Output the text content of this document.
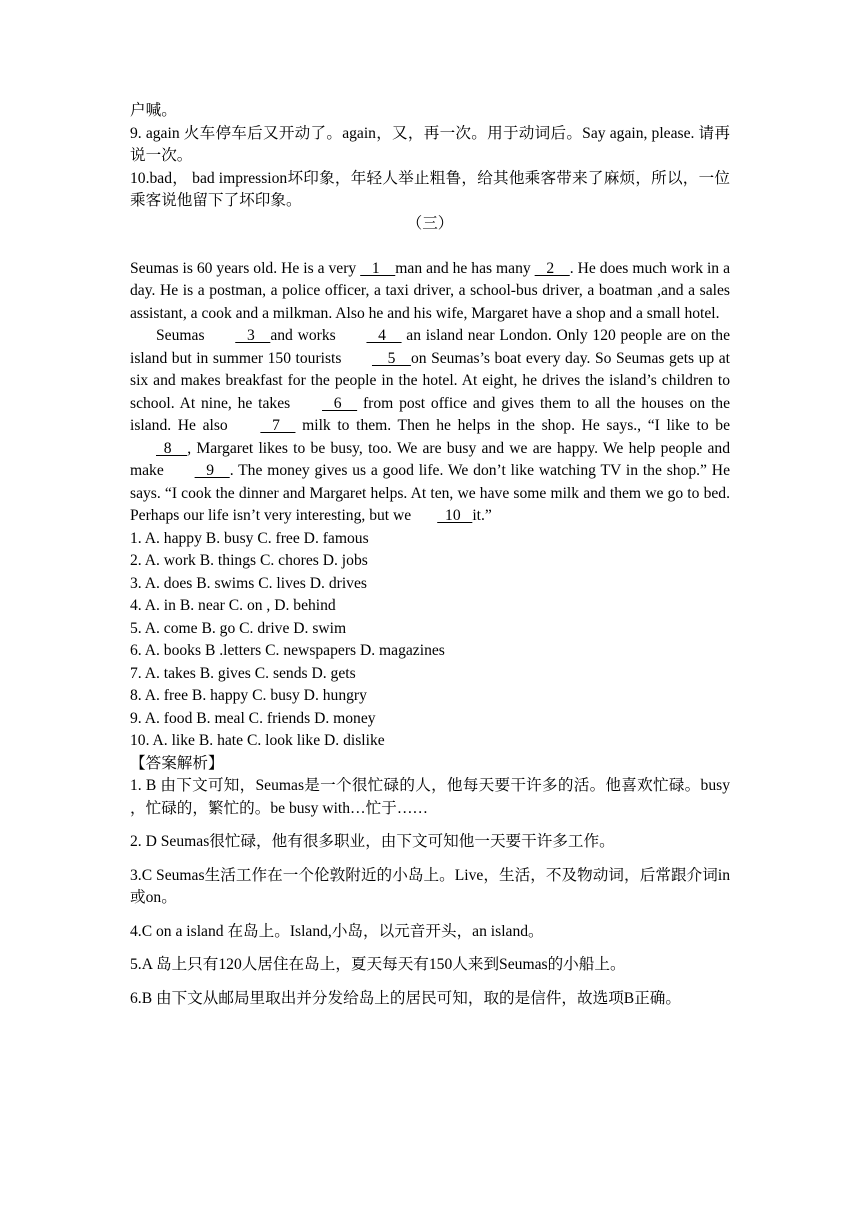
户喊。

9. again 火车停车后又开动了。again，又，再一次。用于动词后。Say again, please. 请再说一次。

10.bad， bad impression坏印象，年轻人举止粗鲁，给其他乘客带来了麻烦，所以，一位乘客说他留下了坏印象。

（三）

Seumas is 60 years old. He is a very    1    man and he has many    2    . He does much work in a day. He is a postman, a police officer, a taxi driver, a school-bus driver, a boatman ,and a sales assistant, a cook and a milkman. Also he and his wife, Margaret have a shop and a small hotel.

Seumas    3    and works    4     an island near London. Only 120 people are on the island but in summer 150 tourists     5    on Seumas’s boat every day. So Seumas gets up at six and makes breakfast for the people in the hotel. At eight, he drives the island’s children to school. At nine, he takes    6     from post office and gives them to all the houses on the island. He also    7     milk to them. Then he helps in the shop. He says., “I like to be   8    , Margaret likes to be busy, too. We are busy and we are happy. We help people and make    9    . The money gives us a good life. We don’t like watching TV in the shop.” He says. “I cook the dinner and Margaret helps. At ten, we have some milk and them we go to bed. Perhaps our life isn’t very interesting, but we  10   it.”

1. A. happy B. busy C. free D. famous

2. A. work B. things C. chores D. jobs

3. A. does B. swims C. lives D. drives

4. A. in B. near C. on , D. behind

5. A. come B. go C. drive D. swim

6. A. books B .letters C. newspapers D. magazines

7. A. takes B. gives C. sends D. gets

8. A. free B. happy C. busy D. hungry

9. A. food B. meal C. friends D. money

10. A. like B. hate C. look like D. dislike

【答案解析】

1. B 由下文可知，Seumas是一个很忙碌的人，他每天要干许多的活。他喜欢忙碌。busy ，忙碌的，繁忙的。be busy with…忙于……

2. D Seumas很忙碌，他有很多职业，由下文可知他一天要干许多工作。

3.C Seumas生活工作在一个伦敦附近的小岛上。Live，生活，不及物动词，后常跟介词in或on。

4.C on a island 在岛上。Island,小岛，以元音开头，an island。

5.A 岛上只有120人居住在岛上，夏天每天有150人来到Seumas的小船上。

6.B 由下文从邮局里取出并分发给岛上的居民可知，取的是信件，故选项B正确。
